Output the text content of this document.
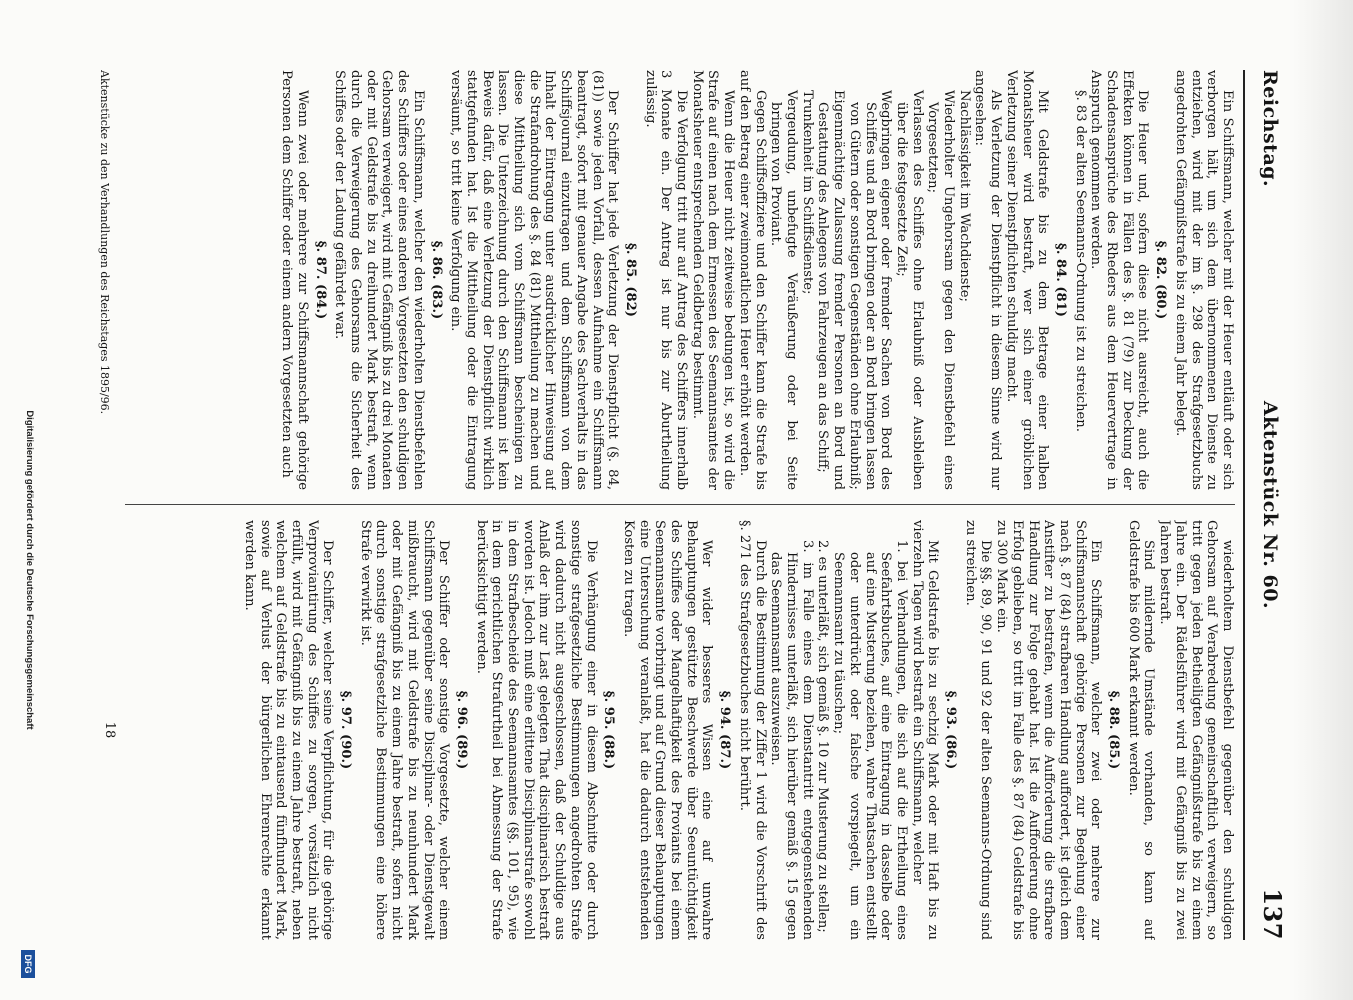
Reichstag.
Aktenstück Nr. 60.
137

Ein Schiffsmann, welcher mit der Heuer entläuft oder sich verborgen hält, um sich dem übernommenen Dienste zu entziehen, wird mit der im §. 298 des Strafgesetzbuchs angedrohten Gefängnißstrafe bis zu einem Jahr belegt.

§. 82. (80.)

Die Heuer und, sofern diese nicht ausreicht, auch die Effekten können in Fällen des §. 81 (79) zur Deckung der Schadensansprüche des Rheders aus dem Heuervertrage in Anspruch genommen werden.

§. 83 der alten Seemanns-Ordnung ist zu streichen.

§. 84. (81)

Mit Geldstrafe bis zu dem Betrage einer halben Monatsheuer wird bestraft, wer sich einer gröblichen Verletzung seiner Dienstpflichten schuldig macht.

Als Verletzung der Dienstpflicht in diesem Sinne wird nur angesehen:

Nachlässigkeit im Wachdienste;

Wiederholter Ungehorsam gegen den Dienstbefehl eines Vorgesetzten;

Verlassen des Schiffes ohne Erlaubniß oder Ausbleiben über die festgesetzte Zeit;

Wegbringen eigener oder fremder Sachen von Bord des Schiffes und an Bord bringen oder an Bord bringen lassen von Gütern oder sonstigen Gegenständen ohne Erlaubniß;

Eigenmächtige Zulassung fremder Personen an Bord und Gestattung des Anlegens von Fahrzeugen an das Schiff;

Trunkenheit im Schiffsdienste;

Vergeudung, unbefugte Veräußerung oder bei Seite bringen von Proviant.

Gegen Schiffsoffiziere und den Schiffer kann die Strafe bis auf den Betrag einer zweimonatlichen Heuer erhöht werden.

Wenn die Heuer nicht zeitweise bedungen ist, so wird die Strafe auf einen nach dem Ermessen des Seemannsamtes der Monatsheuer entsprechenden Geldbetrag bestimmt.

Die Verfolgung tritt nur auf Antrag des Schiffers innerhalb 3 Monate ein. Der Antrag ist nur bis zur Aburtheilung zulässig.

§. 85. (82)

Der Schiffer hat jede Verletzung der Dienstpflicht (§. 84, (81)) sowie jeden Vorfall, dessen Aufnahme ein Schiffsmann beantragt, sofort mit genauer Angabe des Sachverhalts in das Schiffsjournal einzutragen und dem Schiffsmann von dem Inhalt der Eintragung unter ausdrücklicher Hinweisung auf die Strafandrohung des §. 84 (81) Mittheilung zu machen und diese Mittheilung sich vom Schiffsmann bescheinigen zu lassen. Die Unterzeichnung durch den Schiffsmann ist kein Beweis dafür, daß eine Verletzung der Dienstpflicht wirklich stattgefunden hat. Ist die Mittheilung oder die Eintragung versäumt, so tritt keine Verfolgung ein.

§. 86. (83.)

Ein Schiffsmann, welcher den wiederholten Dienstbefehlen des Schiffers oder eines anderen Vorgesetzten den schuldigen Gehorsam verweigert, wird mit Gefängniß bis zu drei Monaten oder mit Geldstrafe bis zu dreihundert Mark bestraft, wenn durch die Verweigerung des Gehorsams die Sicherheit des Schiffes oder der Ladung gefährdet war.

§. 87. (84.)

Wenn zwei oder mehrere zur Schiffsmannschaft gehörige Personen dem Schiffer oder einem andern Vorgesetzten auch

wiederholtem Dienstbefehl gegenüber den schuldigen Gehorsam auf Verabredung gemeinschaftlich verweigern, so tritt gegen jeden Betheiligten Gefängnißstrafe bis zu einem Jahre ein. Der Rädelsführer wird mit Gefängniß bis zu zwei Jahren bestraft.

Sind mildernde Umstände vorhanden, so kann auf Geldstrafe bis 600 Mark erkannt werden.

§. 88. (85.)

Ein Schiffsmann, welcher zwei oder mehrere zur Schiffsmannschaft gehörige Personen zur Begehung einer nach §. 87 (84) strafbaren Handlung auffordert, ist gleich dem Anstifter zu bestrafen, wenn die Aufforderung die strafbare Handlung zur Folge gehabt hat. Ist die Aufforderung ohne Erfolg geblieben, so tritt im Falle des §. 87 (84) Geldstrafe bis zu 300 Mark ein.

Die §§. 89, 90, 91 und 92 der alten Seemanns-Ordnung sind zu streichen.

§. 93. (86.)

Mit Geldstrafe bis zu sechzig Mark oder mit Haft bis zu vierzehn Tagen wird bestraft ein Schiffsmann, welcher

1. bei Verhandlungen, die sich auf die Ertheilung eines Seefahrtsbuches, auf eine Eintragung in dasselbe oder auf eine Musterung beziehen, wahre Thatsachen entstellt oder unterdrückt oder falsche vorspiegelt, um ein Seemannsamt zu täuschen;

2. es unterläßt, sich gemäß §. 10 zur Musterung zu stellen;

3. im Falle eines dem Dienstantritt entgegenstehenden Hindernisses unterläßt, sich hierüber gemäß §. 15 gegen das Seemannsamt auszuweisen.

Durch die Bestimmung der Ziffer 1 wird die Vorschrift des §. 271 des Strafgesetzbuches nicht berührt.

§. 94. (87.)

Wer wider besseres Wissen eine auf unwahre Behauptungen gestützte Beschwerde über Seeuntüchtigkeit des Schiffes oder Mangelhaftigkeit des Proviants bei einem Seemannsamte vorbringt und auf Grund dieser Behauptungen eine Untersuchung veranlaßt, hat die dadurch entstehenden Kosten zu tragen.

§. 95. (88.)

Die Verhängung einer in diesem Abschnitte oder durch sonstige strafgesetzliche Bestimmungen angedrohten Strafe wird dadurch nicht ausgeschlossen, daß der Schuldige aus Anlaß der ihm zur Last gelegten That disciplinarisch bestraft worden ist. Jedoch muß eine erlittene Disciplinarstrafe sowohl in dem Strafbescheide des Seemannsamtes (§§. 101, 95), wie in dem gerichtlichen Strafurtheil bei Abmessung der Strafe berücksichtigt werden.

§. 96. (89.)

Der Schiffer oder sonstige Vorgesetzte, welcher einem Schiffsmann gegenüber seine Disciplinar- oder Dienstgewalt mißbraucht, wird mit Geldstrafe bis zu neunhundert Mark oder mit Gefängniß bis zu einem Jahre bestraft, sofern nicht durch sonstige strafgesetzliche Bestimmungen eine höhere Strafe verwirkt ist.

§. 97. (90.)

Der Schiffer, welcher seine Verpflichtung, für die gehörige Verproviantirung des Schiffes zu sorgen, vorsätzlich nicht erfüllt, wird mit Gefängniß bis zu einem Jahre bestraft, neben welchem auf Geldstrafe bis zu eintausend fünfhundert Mark, sowie auf Verlust der bürgerlichen Ehrenrechte erkannt werden kann.

Aktenstücke zu den Verhandlungen des Reichstages 1895/96.
18
Digitalisierung gefördert durch die Deutsche Forschungsgemeinschaft
DFG
